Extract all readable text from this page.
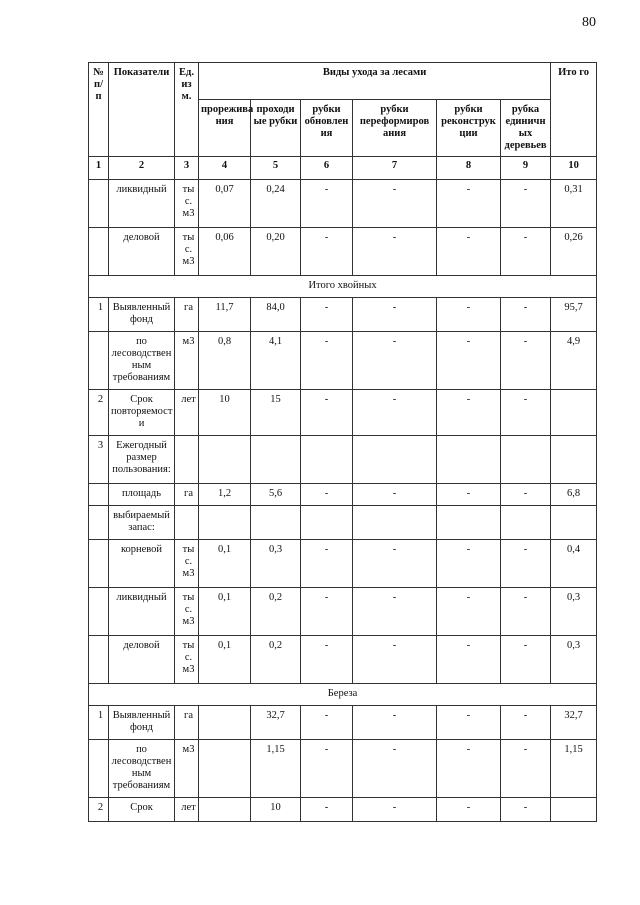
80
№ п/ п	Показатели	Ед. из м.	Виды ухода за лесами						Ито го
			прорежива ния	проходи ые рубки	рубки обновлен ия	рубки переформиров ания	рубки реконструк ции	рубка единичн ых деревьев	
1	2	3	4	5	6	7	8	9	10
	ликвидный	ты с. м3	0,07	0,24	-	-	-	-	0,31
	деловой	ты с. м3	0,06	0,20	-	-	-	-	0,26
Итого хвойных									
1	Выявленный фонд	га	11,7	84,0	-	-	-	-	95,7
	по лесоводствен ным требованиям	м3	0,8	4,1	-	-	-	-	4,9
2	Срок повторяемост и	лет	10	15	-	-	-	-	
3	Ежегодный размер пользования:								
	площадь	га	1,2	5,6	-	-	-	-	6,8
	выбираемый запас:								
	корневой	ты с. м3	0,1	0,3	-	-	-	-	0,4
	ликвидный	ты с. м3	0,1	0,2	-	-	-	-	0,3
	деловой	ты с. м3	0,1	0,2	-	-	-	-	0,3
Береза									
1	Выявленный фонд	га		32,7	-	-	-	-	32,7
	по лесоводствен ным требованиям	м3		1,15	-	-	-	-	1,15
2	Срок	лет		10	-	-	-	-	
